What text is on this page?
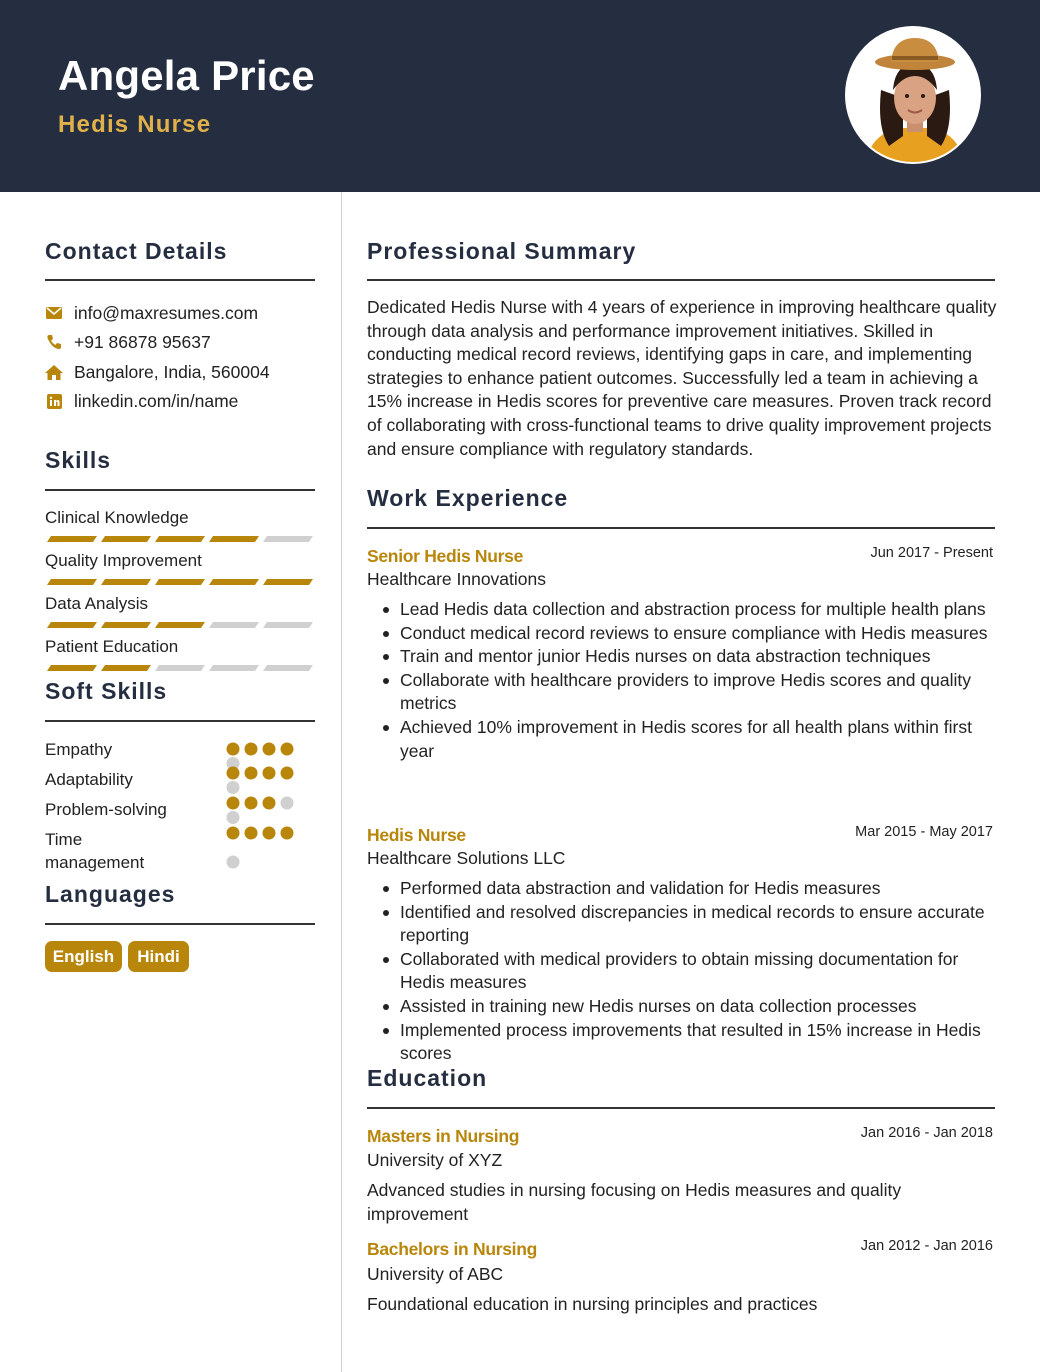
Angela Price
Hedis Nurse
Contact Details
info@maxresumes.com
+91 86878 95637
Bangalore, India, 560004
linkedin.com/in/name
Skills
Clinical Knowledge
Quality Improvement
Data Analysis
Patient Education
Soft Skills
Empathy
Adaptability
Problem-solving
Time management
Languages
English	Hindi
Professional Summary
Dedicated Hedis Nurse with 4 years of experience in improving healthcare quality through data analysis and performance improvement initiatives. Skilled in conducting medical record reviews, identifying gaps in care, and implementing strategies to enhance patient outcomes. Successfully led a team in achieving a 15% increase in Hedis scores for preventive care measures. Proven track record of collaborating with cross-functional teams to drive quality improvement projects and ensure compliance with regulatory standards.
Work Experience
Senior Hedis Nurse	Jun 2017 - Present
Healthcare Innovations
Lead Hedis data collection and abstraction process for multiple health plans
Conduct medical record reviews to ensure compliance with Hedis measures
Train and mentor junior Hedis nurses on data abstraction techniques
Collaborate with healthcare providers to improve Hedis scores and quality metrics
Achieved 10% improvement in Hedis scores for all health plans within first year
Hedis Nurse	Mar 2015 - May 2017
Healthcare Solutions LLC
Performed data abstraction and validation for Hedis measures
Identified and resolved discrepancies in medical records to ensure accurate reporting
Collaborated with medical providers to obtain missing documentation for Hedis measures
Assisted in training new Hedis nurses on data collection processes
Implemented process improvements that resulted in 15% increase in Hedis scores
Education
Masters in Nursing	Jan 2016 - Jan 2018
University of XYZ
Advanced studies in nursing focusing on Hedis measures and quality improvement
Bachelors in Nursing	Jan 2012 - Jan 2016
University of ABC
Foundational education in nursing principles and practices
